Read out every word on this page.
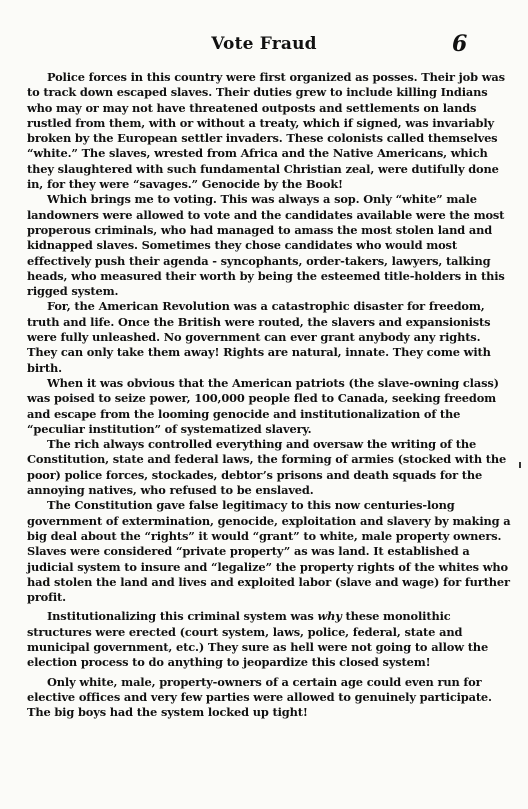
Vote Fraud	6

Police forces in this country were first organized as posses. Their job was to track down escaped slaves. Their duties grew to include killing Indians who may or may not have threatened outposts and settlements on lands rustled from them, with or without a treaty, which if signed, was invariably broken by the European settler invaders. These colonists called themselves “white.” The slaves, wrested from Africa and the Native Americans, which they slaughtered with such fundamental Christian zeal, were dutifully done in, for they were “savages.” Genocide by the Book!

Which brings me to voting. This was always a sop. Only “white” male landowners were allowed to vote and the candidates available were the most properous criminals, who had managed to amass the most stolen land and kidnapped slaves. Sometimes they chose candidates who would most effectively push their agenda - syncophants, order-takers, lawyers, talking heads, who measured their worth by being the esteemed title-holders in this rigged system.

For, the American Revolution was a catastrophic disaster for freedom, truth and life. Once the British were routed, the slavers and expansionists were fully unleashed. No government can ever grant anybody any rights. They can only take them away! Rights are natural, innate. They come with birth.

When it was obvious that the American patriots (the slave-owning class) was poised to seize power, 100,000 people fled to Canada, seeking freedom and escape from the looming genocide and institutionalization of the “peculiar institution” of systematized slavery.

The rich always controlled everything and oversaw the writing of the Constitution, state and federal laws, the forming of armies (stocked with the poor) police forces, stockades, debtor’s prisons and death squads for the annoying natives, who refused to be enslaved.

The Constitution gave false legitimacy to this now centuries-long government of extermination, genocide, exploitation and slavery by making a big deal about the “rights” it would “grant” to white, male property owners. Slaves were considered “private property” as was land. It established a judicial system to insure and “legalize” the property rights of the whites who had stolen the land and lives and exploited labor (slave and wage) for further profit.

Institutionalizing this criminal system was why these monolithic structures were erected (court system, laws, police, federal, state and municipal government, etc.) They sure as hell were not going to allow the election process to do anything to jeopardize this closed system!

Only white, male, property-owners of a certain age could even run for elective offices and very few parties were allowed to genuinely participate. The big boys had the system locked up tight!
